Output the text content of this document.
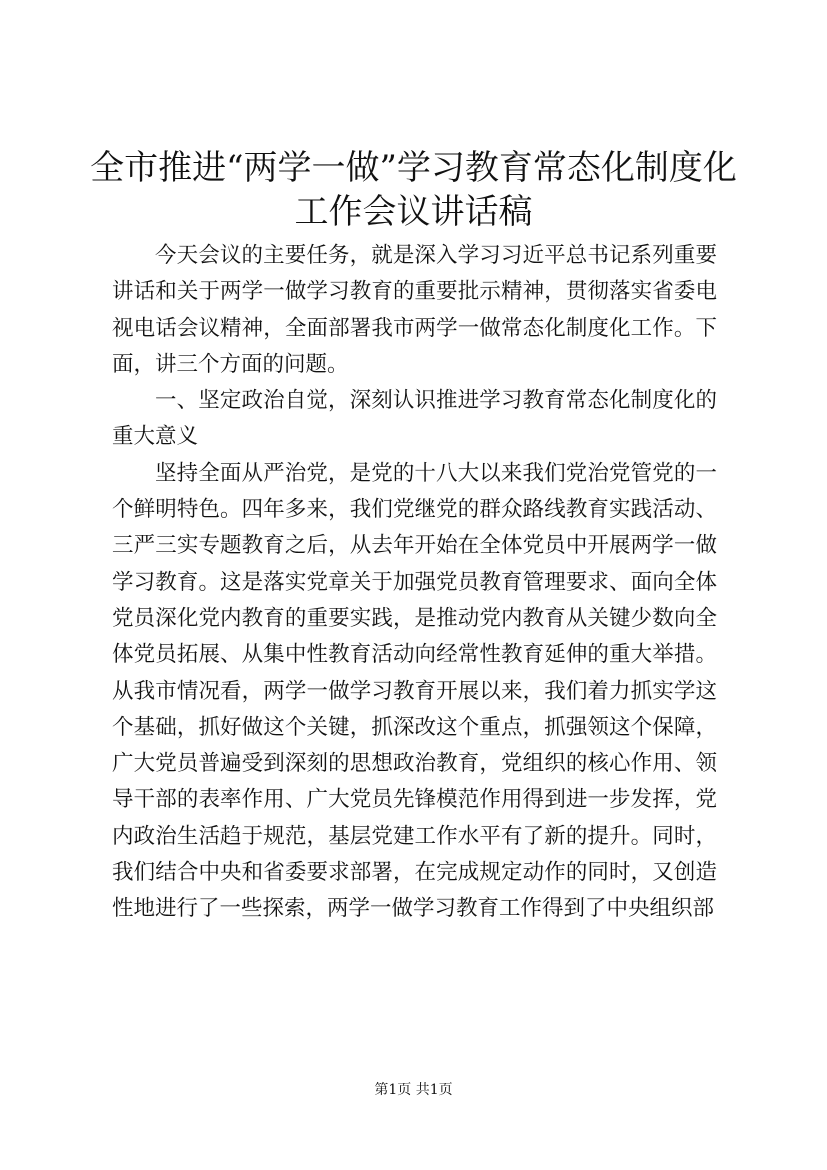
全市推进“两学一做”学习教育常态化制度化
工作会议讲话稿

今天会议的主要任务，就是深入学习习近平总书记系列重要讲话和关于两学一做学习教育的重要批示精神，贯彻落实省委电视电话会议精神，全面部署我市两学一做常态化制度化工作。下面，讲三个方面的问题。

一、坚定政治自觉，深刻认识推进学习教育常态化制度化的重大意义

坚持全面从严治党，是党的十八大以来我们党治党管党的一个鲜明特色。四年多来，我们党继党的群众路线教育实践活动、三严三实专题教育之后，从去年开始在全体党员中开展两学一做学习教育。这是落实党章关于加强党员教育管理要求、面向全体党员深化党内教育的重要实践，是推动党内教育从关键少数向全体党员拓展、从集中性教育活动向经常性教育延伸的重大举措。从我市情况看，两学一做学习教育开展以来，我们着力抓实学这个基础，抓好做这个关键，抓深改这个重点，抓强领这个保障，广大党员普遍受到深刻的思想政治教育，党组织的核心作用、领导干部的表率作用、广大党员先锋模范作用得到进一步发挥，党内政治生活趋于规范，基层党建工作水平有了新的提升。同时，我们结合中央和省委要求部署，在完成规定动作的同时，又创造性地进行了一些探索，两学一做学习教育工作得到了中央组织部

第1页 共1页
